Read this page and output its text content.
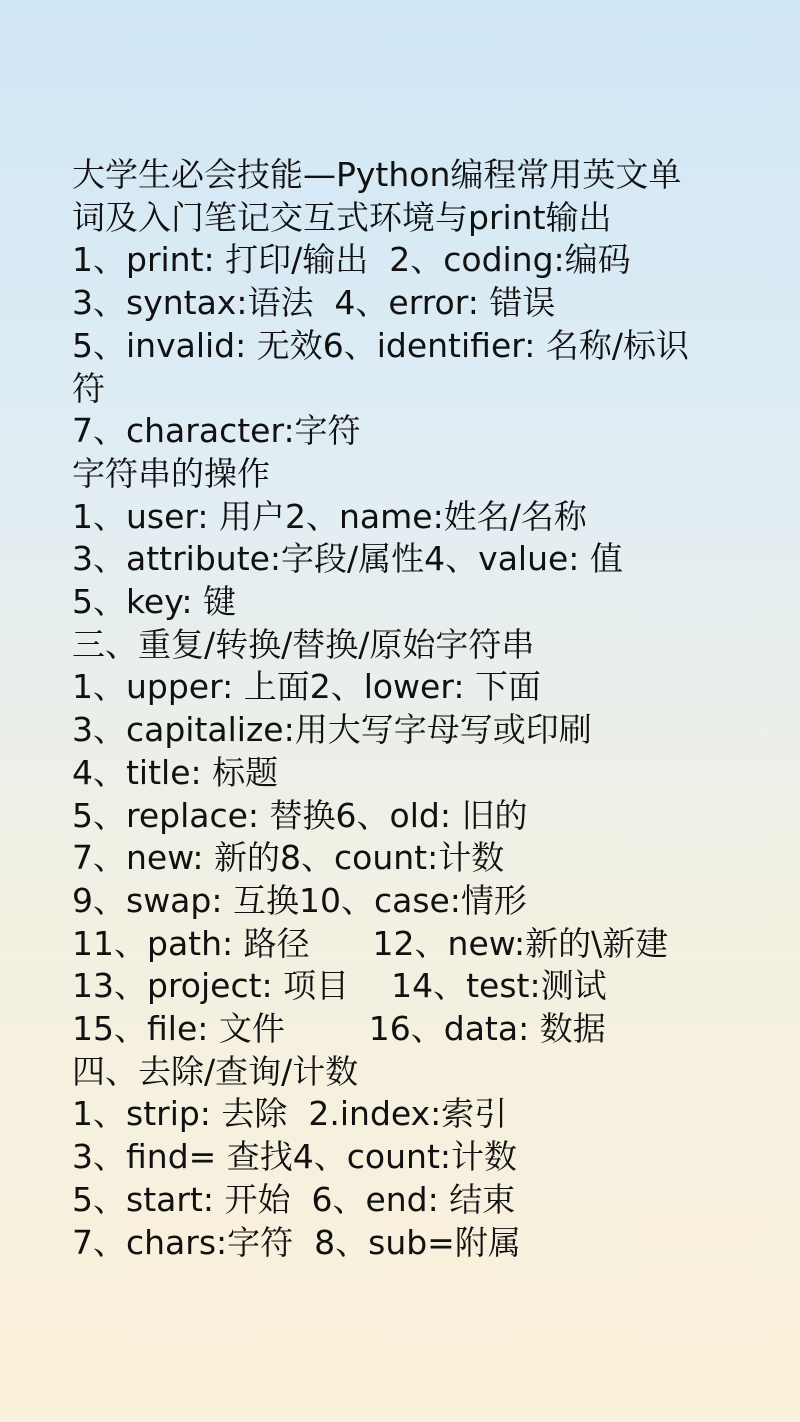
大学生必会技能—Python编程常用英文单
词及入门笔记交互式环境与print输出
1、print: 打印/输出  2、coding:编码
3、syntax:语法  4、error: 错误
5、invalid: 无效6、identifier: 名称/标识
符
7、character:字符
字符串的操作
1、user: 用户2、name:姓名/名称
3、attribute:字段/属性4、value: 值
5、key: 键
三、重复/转换/替换/原始字符串
1、upper: 上面2、lower: 下面
3、capitalize:用大写字母写或印刷
4、title: 标题
5、replace: 替换6、old: 旧的
7、new: 新的8、count:计数
9、swap: 互换10、case:情形
11、path: 路径      12、new:新的\新建
13、project: 项目    14、test:测试
15、file: 文件        16、data: 数据
四、去除/查询/计数
1、strip: 去除  2.index:索引
3、find= 查找4、count:计数
5、start: 开始  6、end: 结束
7、chars:字符  8、sub=附属
